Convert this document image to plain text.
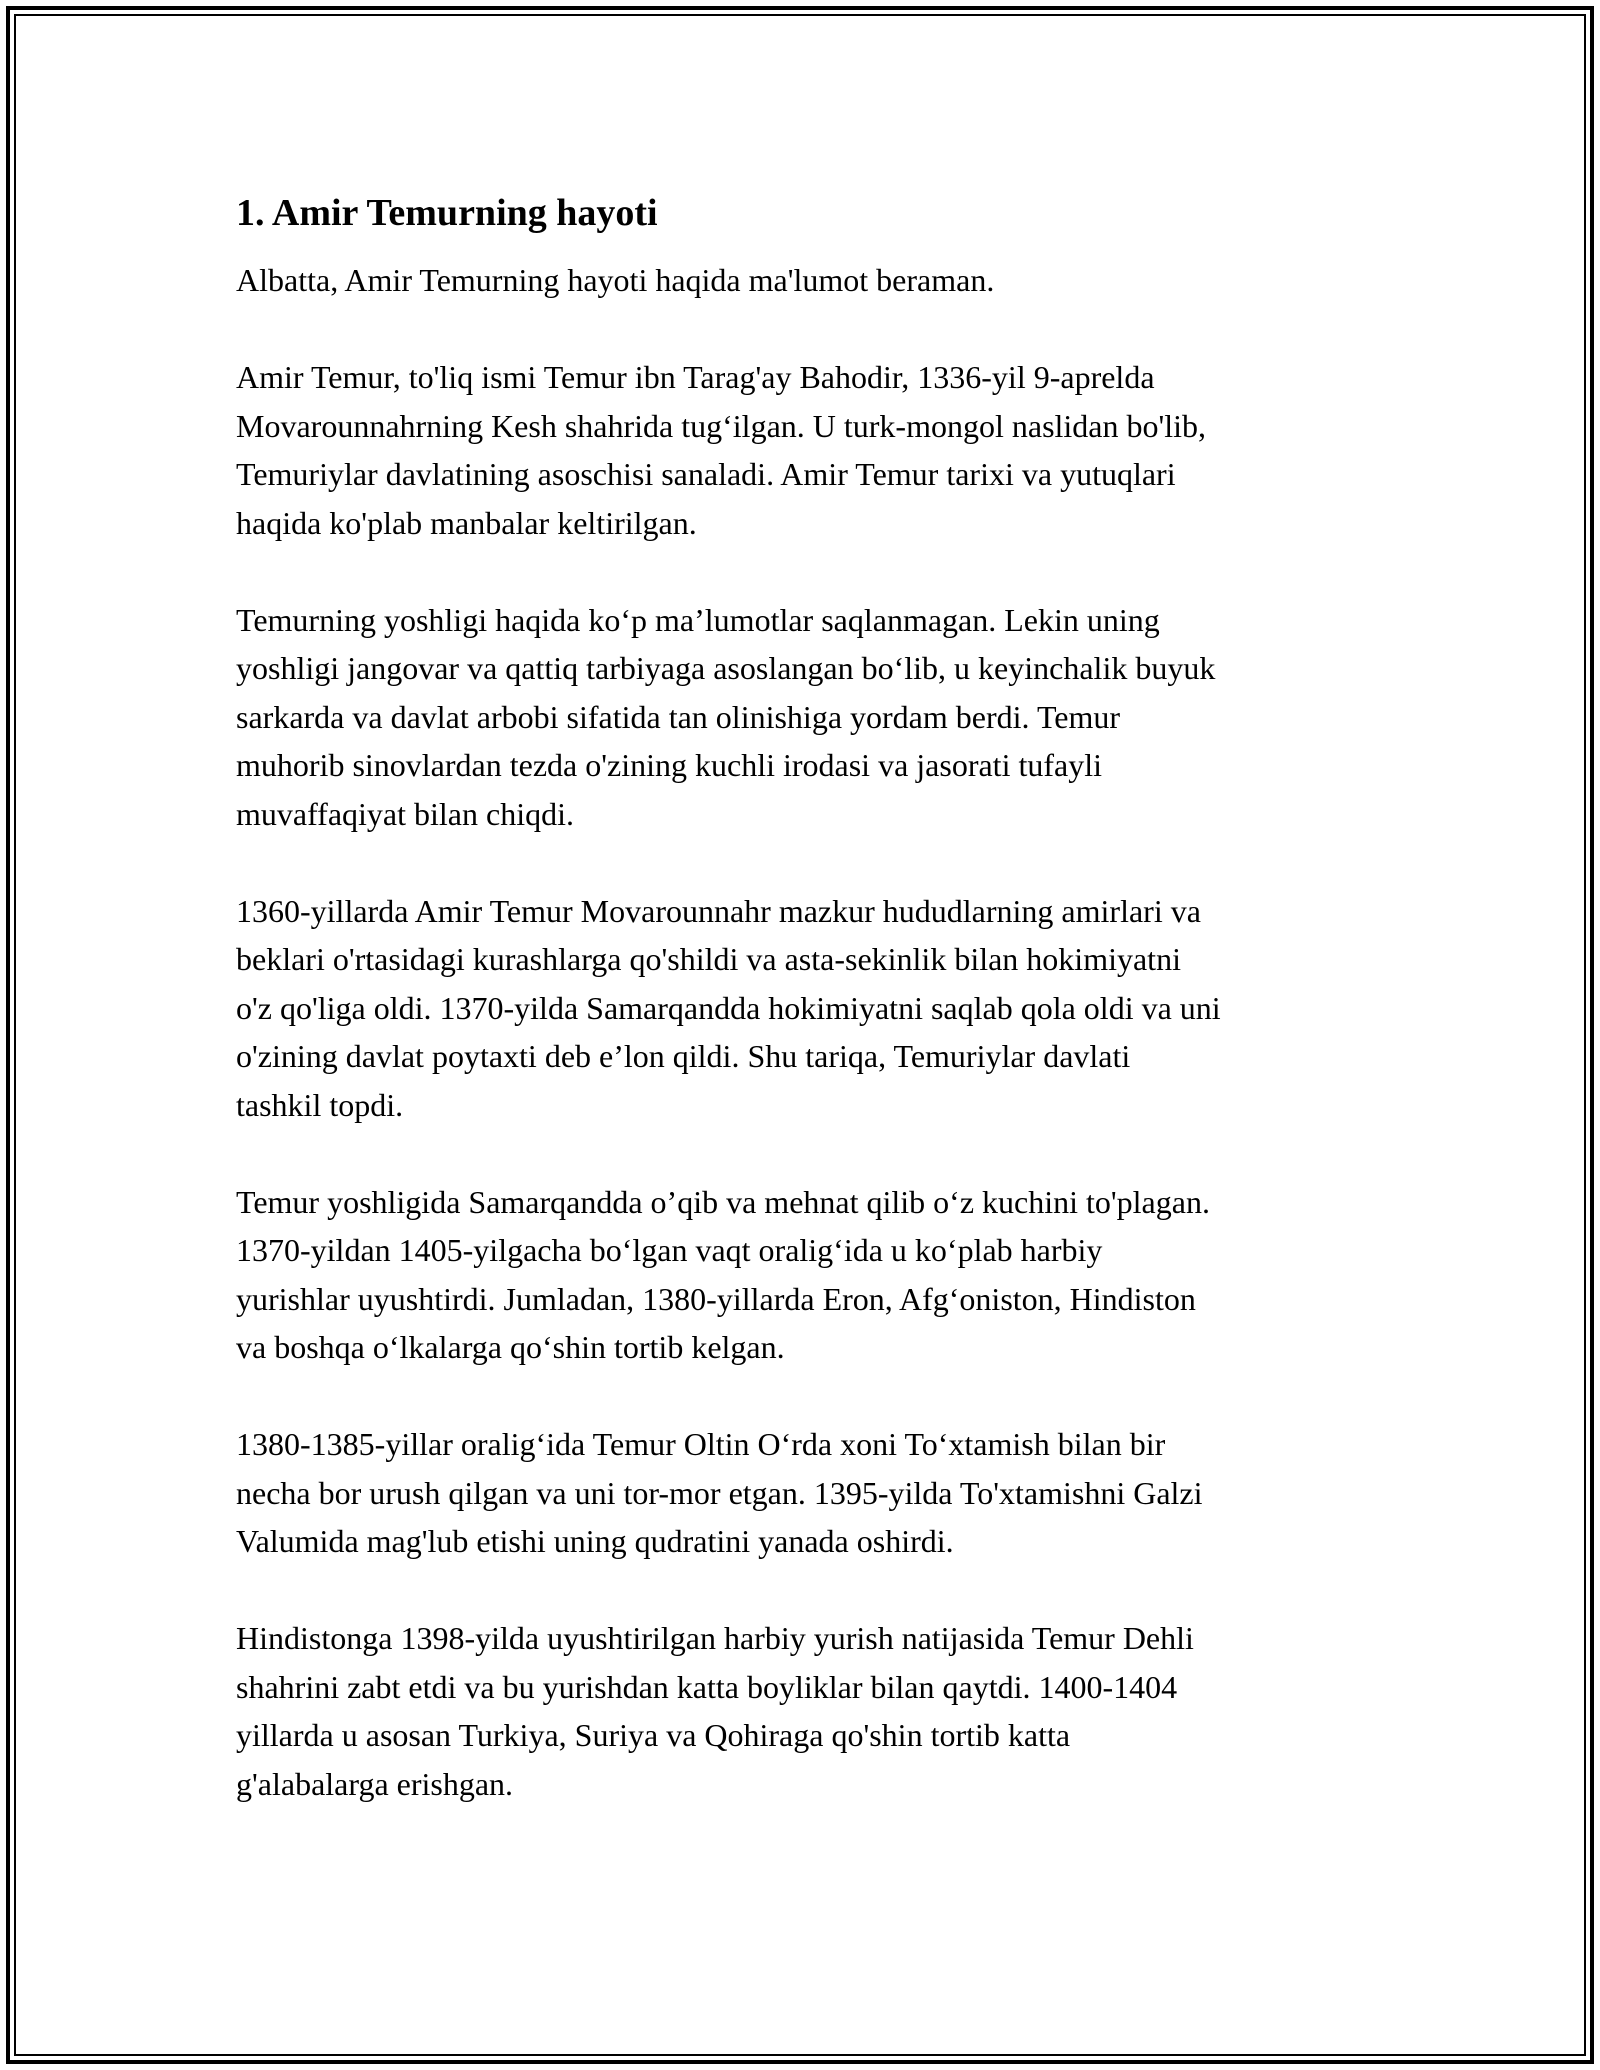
1. Amir Temurning hayoti

Albatta, Amir Temurning hayoti haqida ma'lumot beraman.

Amir Temur, to'liq ismi Temur ibn Tarag'ay Bahodir, 1336-yil 9-aprelda
Movarounnahrning Kesh shahrida tug‘ilgan. U turk-mongol naslidan bo'lib,
Temuriylar davlatining asoschisi sanaladi. Amir Temur tarixi va yutuqlari
haqida ko'plab manbalar keltirilgan.

Temurning yoshligi haqida ko‘p ma’lumotlar saqlanmagan. Lekin uning
yoshligi jangovar va qattiq tarbiyaga asoslangan bo‘lib, u keyinchalik buyuk
sarkarda va davlat arbobi sifatida tan olinishiga yordam berdi. Temur
muhorib sinovlardan tezda o'zining kuchli irodasi va jasorati tufayli
muvaffaqiyat bilan chiqdi.

1360-yillarda Amir Temur Movarounnahr mazkur hududlarning amirlari va
beklari o'rtasidagi kurashlarga qo'shildi va asta-sekinlik bilan hokimiyatni
o'z qo'liga oldi. 1370-yilda Samarqandda hokimiyatni saqlab qola oldi va uni
o'zining davlat poytaxti deb e’lon qildi. Shu tariqa, Temuriylar davlati
tashkil topdi.

Temur yoshligida Samarqandda o’qib va mehnat qilib o‘z kuchini to'plagan.
1370-yildan 1405-yilgacha bo‘lgan vaqt oralig‘ida u ko‘plab harbiy
yurishlar uyushtirdi. Jumladan, 1380-yillarda Eron, Afg‘oniston, Hindiston
va boshqa o‘lkalarga qo‘shin tortib kelgan.

1380-1385-yillar oralig‘ida Temur Oltin O‘rda xoni To‘xtamish bilan bir
necha bor urush qilgan va uni tor-mor etgan. 1395-yilda To'xtamishni Galzi
Valumida mag'lub etishi uning qudratini yanada oshirdi.

Hindistonga 1398-yilda uyushtirilgan harbiy yurish natijasida Temur Dehli
shahrini zabt etdi va bu yurishdan katta boyliklar bilan qaytdi. 1400-1404
yillarda u asosan Turkiya, Suriya va Qohiraga qo'shin tortib katta
g'alabalarga erishgan.
